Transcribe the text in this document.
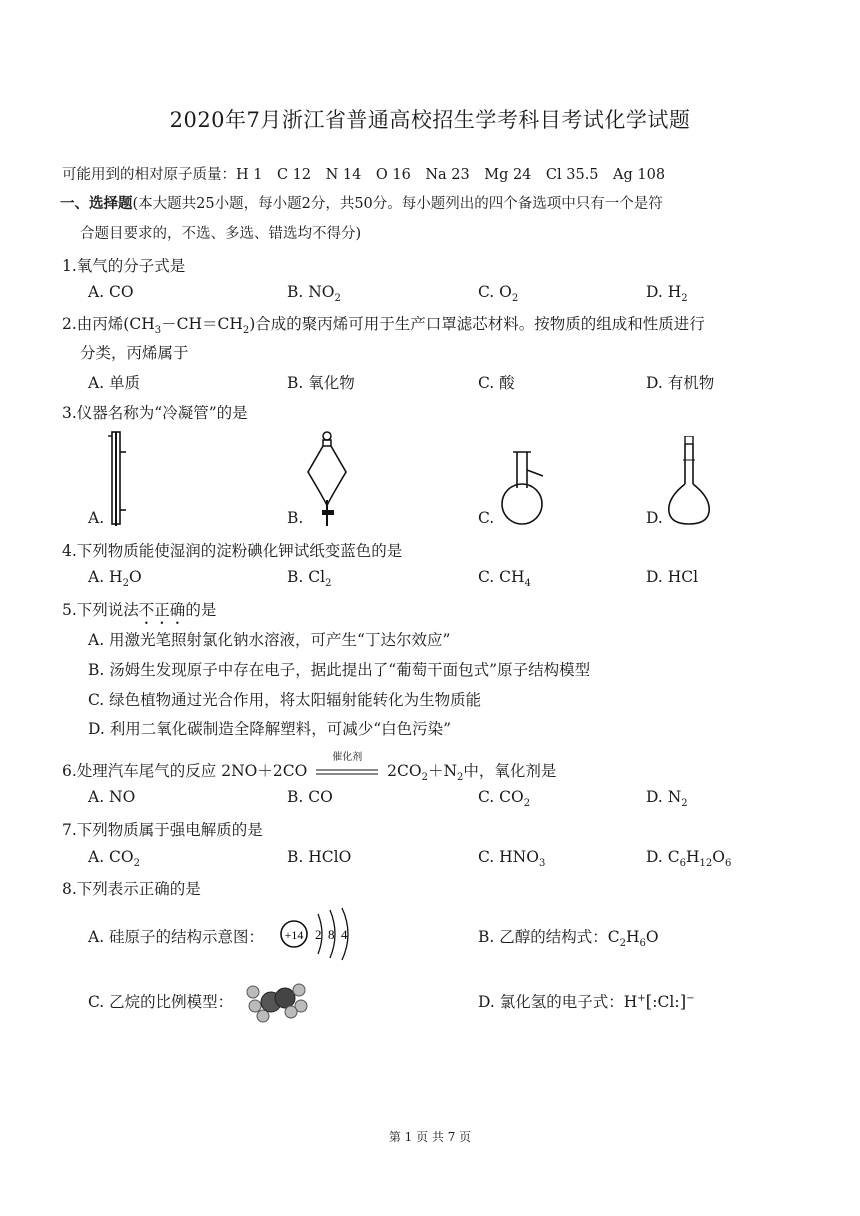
2020年7月浙江省普通高校招生学考科目考试化学试题
可能用到的相对原子质量：H 1　C 12　N 14　O 16　Na 23　Mg 24　Cl 35.5　Ag 108
一、选择题(本大题共25小题，每小题2分，共50分。每小题列出的四个备选项中只有一个是符
合题目要求的，不选、多选、错选均不得分)
1.氧气的分子式是
A. CO	B. $NO_2$	C. $O_2$	D. $H_2$
2.由丙烯$(CH_3-CH=CH_2)$合成的聚丙烯可用于生产口罩滤芯材料。按物质的组成和性质进行
分类，丙烯属于
A. 单质	B. 氧化物	C. 酸	D. 有机物
3.仪器名称为“冷凝管”的是
A.	B.	C.	D.
4.下列物质能使湿润的淀粉碘化钾试纸变蓝色的是
A. $H_2O$	B. $Cl_2$	C. $CH_4$	D. HCl
5.下列说法不正确的是
A. 用激光笔照射氯化钠水溶液，可产生“丁达尔效应”
B. 汤姆生发现原子中存在电子，据此提出了“葡萄干面包式”原子结构模型
C. 绿色植物通过光合作用，将太阳辐射能转化为生物质能
D. 利用二氧化碳制造全降解塑料，可减少“白色污染”
6.处理汽车尾气的反应 2NO＋2CO
催化剂
$2CO_2+N_2$中，氧化剂是
A. NO	B. CO	C. $CO_2$	D. $N_2$
7.下列物质属于强电解质的是
A. $CO_2$	B. HClO	C. $HNO_3$	D. $C_6H_{12}O_6$
8.下列表示正确的是
A. 硅原子的结构示意图： +14 2 8 4	B. 乙醇的结构式：$C_2H_6O$
C. 乙烷的比例模型：	D. 氯化氢的电子式：H+[:Cl:]−
第 1 页 共 7 页
